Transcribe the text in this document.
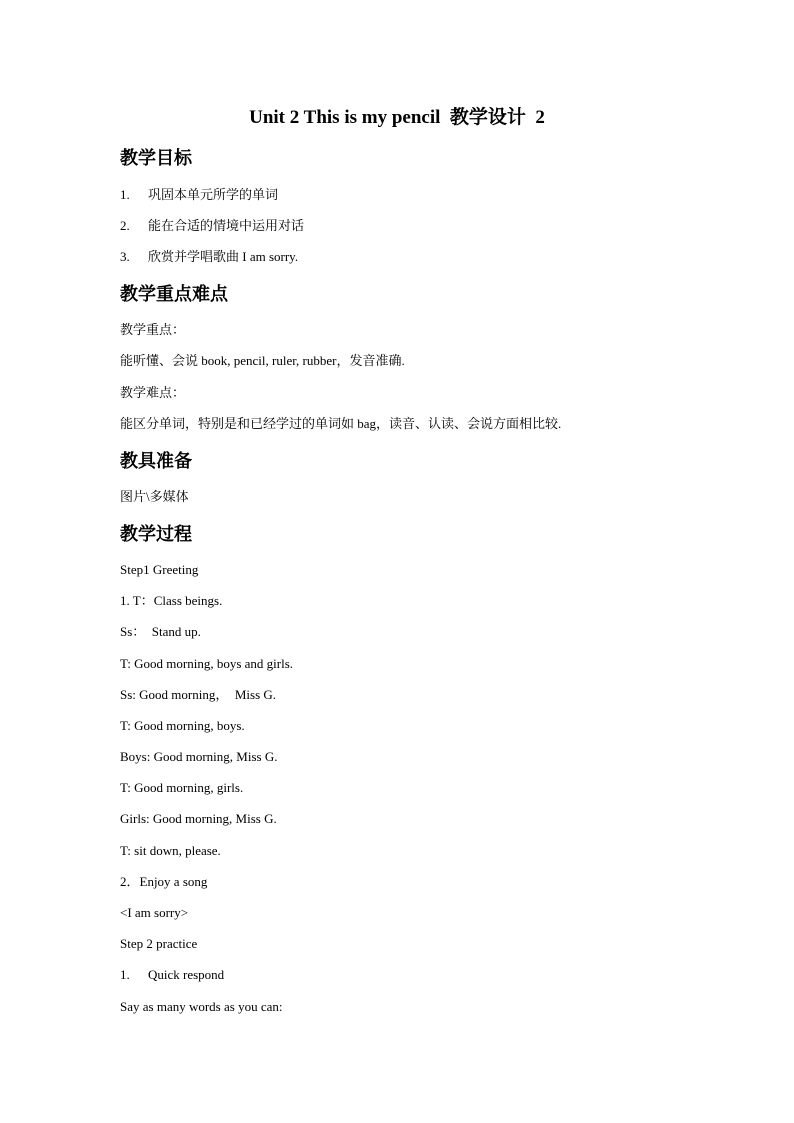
Unit 2 This is my pencil  教学设计  2
教学目标
1. 巩固本单元所学的单词
2. 能在合适的情境中运用对话
3. 欣赏并学唱歌曲 I am sorry.
教学重点难点
教学重点：
能听懂、会说 book, pencil, ruler, rubber，发音准确.
教学难点：
能区分单词，特别是和已经学过的单词如 bag，读音、认读、会说方面相比较.
教具准备
图片\多媒体
教学过程
Step1 Greeting
1. T：Class beings.
Ss：  Stand up.
T: Good morning, boys and girls.
Ss: Good morning，  Miss G.
T: Good morning, boys.
Boys: Good morning, Miss G.
T: Good morning, girls.
Girls: Good morning, Miss G.
T: sit down, please.
2．Enjoy a song
<I am sorry>
Step 2 practice
1. Quick respond
Say as many words as you can:
